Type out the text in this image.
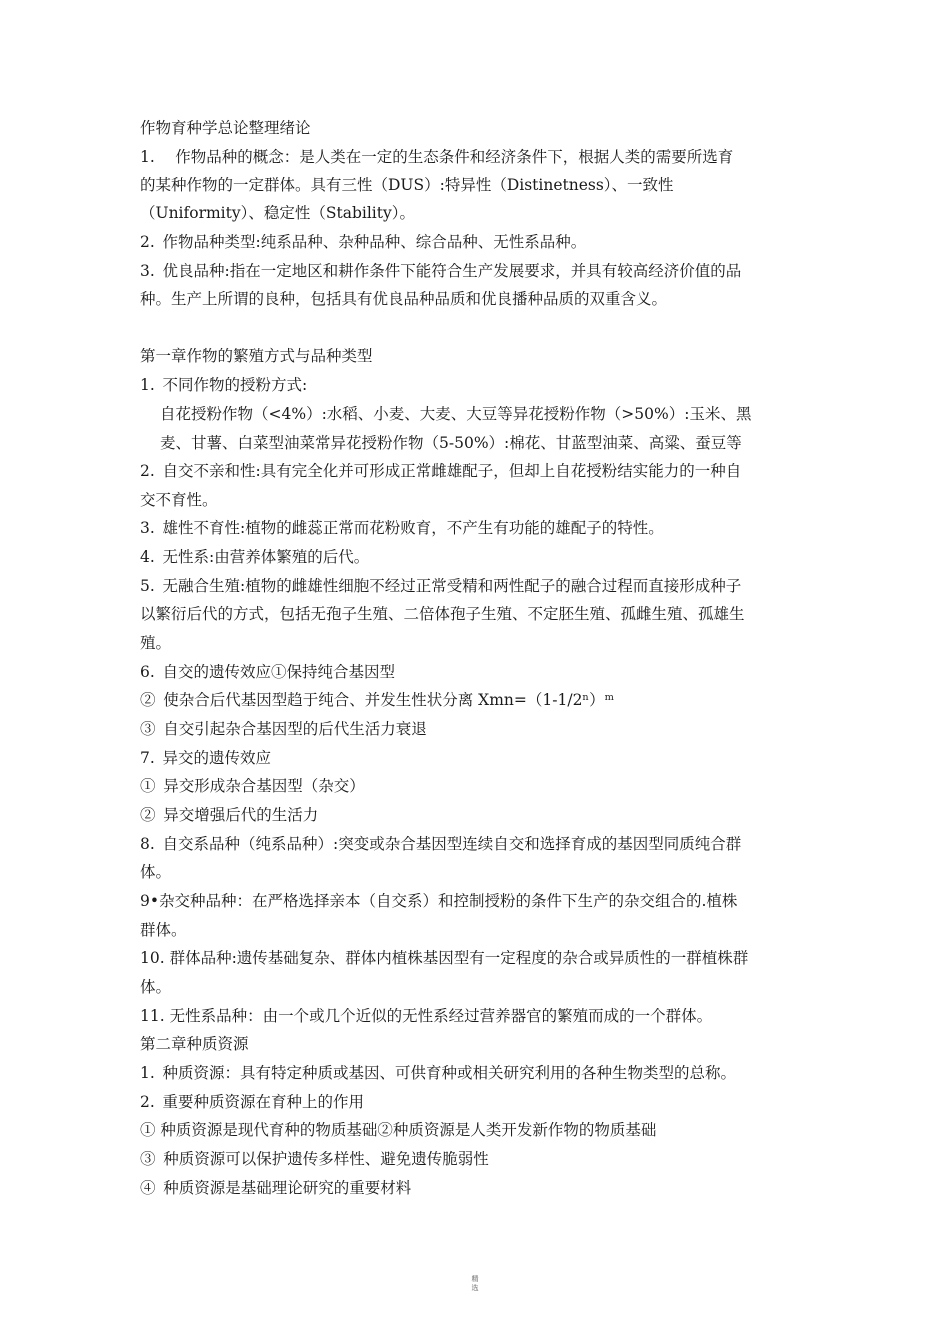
作物育种学总论整理绪论
1.　 作物品种的概念：是人类在一定的生态条件和经济条件下，根据人类的需要所选育
的某种作物的一定群体。具有三性（DUS）:特异性（Distinetness）、一致性
（Uniformity）、稳定性（Stability）。
2. 作物品种类型:纯系品种、杂种品种、综合品种、无性系品种。
3. 优良品种:指在一定地区和耕作条件下能符合生产发展要求，并具有较高经济价值的品
种。生产上所谓的良种，包括具有优良品种品质和优良播种品质的双重含义。
第一章作物的繁殖方式与品种类型
1. 不同作物的授粉方式:
自花授粉作物（<4%）:水稻、小麦、大麦、大豆等异花授粉作物（>50%）:玉米、黑
麦、甘薯、白菜型油菜常异花授粉作物（5-50%）:棉花、甘蓝型油菜、高粱、蚕豆等
2. 自交不亲和性:具有完全化并可形成正常雌雄配子，但却上自花授粉结实能力的一种自
交不育性。
3. 雄性不育性:植物的雌蕊正常而花粉败育，不产生有功能的雄配子的特性。
4. 无性系:由营养体繁殖的后代。
5. 无融合生殖:植物的雌雄性细胞不经过正常受精和两性配子的融合过程而直接形成种子
以繁衍后代的方式，包括无孢子生殖、二倍体孢子生殖、不定胚生殖、孤雌生殖、孤雄生
殖。
6. 自交的遗传效应①保持纯合基因型
② 使杂合后代基因型趋于纯合、并发生性状分离 Xmn=（1-1/2ⁿ）ᵐ
③ 自交引起杂合基因型的后代生活力衰退
7. 异交的遗传效应
① 异交形成杂合基因型（杂交）
② 异交增强后代的生活力
8. 自交系品种（纯系品种）:突变或杂合基因型连续自交和选择育成的基因型同质纯合群
体。
9•杂交种品种：在严格选择亲本（自交系）和控制授粉的条件下生产的杂交组合的.植株
群体。
10. 群体品种:遗传基础复杂、群体内植株基因型有一定程度的杂合或异质性的一群植株群
体。
11. 无性系品种：由一个或几个近似的无性系经过营养器官的繁殖而成的一个群体。
第二章种质资源
1. 种质资源：具有特定种质或基因、可供育种或相关研究利用的各种生物类型的总称。
2. 重要种质资源在育种上的作用
① 种质资源是现代育种的物质基础②种质资源是人类开发新作物的物质基础
③ 种质资源可以保护遗传多样性、避免遗传脆弱性
④ 种质资源是基础理论研究的重要材料
精
选
